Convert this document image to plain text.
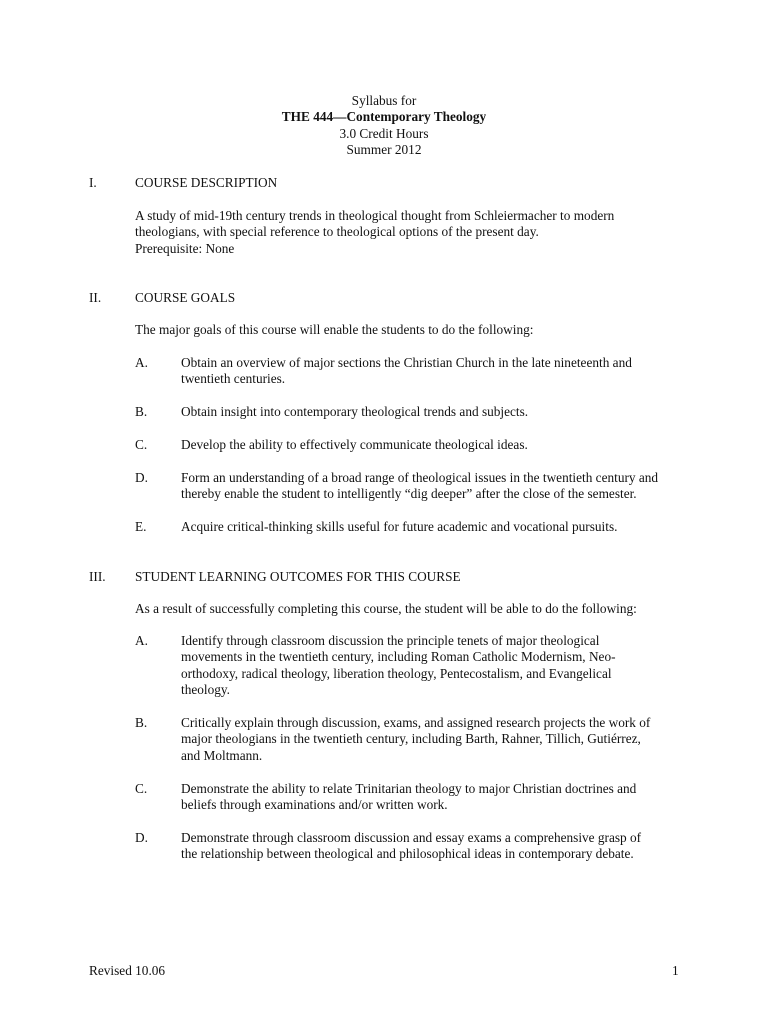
Syllabus for
THE 444—Contemporary Theology
3.0 Credit Hours
Summer 2012
I.	COURSE DESCRIPTION
A study of mid-19th century trends in theological thought from Schleiermacher to modern
theologians, with special reference to theological options of the present day.
Prerequisite: None
II.	COURSE GOALS
The major goals of this course will enable the students to do the following:
A. Obtain an overview of major sections the Christian Church in the late nineteenth and
twentieth centuries.
B.	Obtain insight into contemporary theological trends and subjects.
C.	Develop the ability to effectively communicate theological ideas.
D. Form an understanding of a broad range of theological issues in the twentieth century and
thereby enable the student to intelligently “dig deeper” after the close of the semester.
E.	Acquire critical-thinking skills useful for future academic and vocational pursuits.
III. STUDENT LEARNING OUTCOMES FOR THIS COURSE
As a result of successfully completing this course, the student will be able to do the following:
A. Identify through classroom discussion the principle tenets of major theological
movements in the twentieth century, including Roman Catholic Modernism, Neo-
orthodoxy, radical theology, liberation theology, Pentecostalism, and Evangelical
theology.
B.	Critically explain through discussion, exams, and assigned research projects the work of
major theologians in the twentieth century, including Barth, Rahner, Tillich, Gutiérrez,
and Moltmann.
C.	Demonstrate the ability to relate Trinitarian theology to major Christian doctrines and
beliefs through examinations and/or written work.
D. Demonstrate through classroom discussion and essay exams a comprehensive grasp of
the relationship between theological and philosophical ideas in contemporary debate.
Revised 10.06	1
